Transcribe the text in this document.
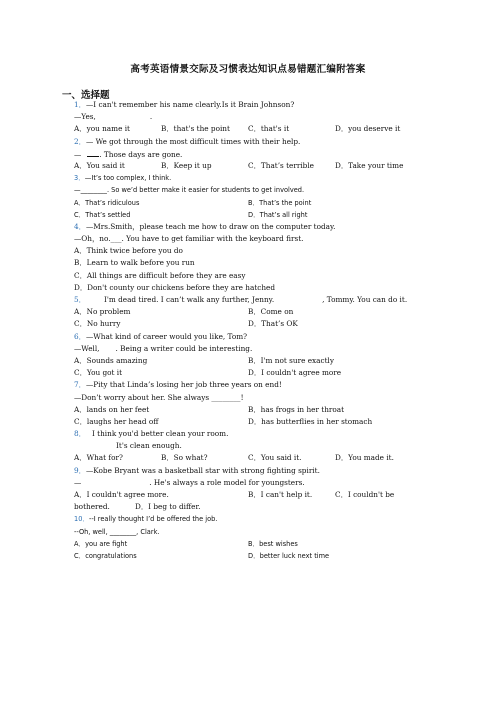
高考英语情景交际及习惯表达知识点易错题汇编附答案
一、选择题
1．—I can't remember his name clearly.Is it Brain Johnson?
—Yes,	.
A．you name it	B．that's the point	C．that's it	D．you deserve it
2．— We got through the most difficult times with their help.
— . Those days are gone.
A．You said it	B．Keep it up	C．That’s terrible	D．Take your time
3．—It’s too complex, I think.
—________. So we’d better make it easier for students to get involved.
A．That’s ridiculous	B．That’s the point
C．That’s settled	D．That’s all right
4．—Mrs.Smith，please teach me how to draw on the computer today.
—Oh，no.___. You have to get familiar with the keyboard first.
A．Think twice before you do
B．Learn to walk before you run
C．All things are difficult before they are easy
D．Don't county our chickens before they are hatched
5． I'm dead tired. I can’t walk any further, Jenny.	, Tommy. You can do it.
A．No problem	B．Come on
C．No hurry	D．That’s OK
6．—What kind of career would you like, Tom?
—Well, . Being a writer could be interesting.
A．Sounds amazing	B．I'm not sure exactly
C．You got it	D．I couldn't agree more
7．—Pity that Linda’s losing her job three years on end!
—Don’t worry about her. She always ________!
A．lands on her feet	B．has frogs in her throat
C．laughs her head off	D．has butterflies in her stomach
8． I think you'd better clean your room.
It's clean enough.
A．What for?	B．So what?	C．You said it.	D．You made it.
9．—Kobe Bryant was a basketball star with strong fighting spirit.
—	. He's always a role model for youngsters.
A．I couldn't agree more.	B．I can't help it.	C．I couldn't be
bothered.	D．I beg to differ.
10．--I really thought I’d be offered the job.
--Oh, well, ________, Clark.
A．you are fight	B．best wishes
C．congratulations	D．better luck next time
